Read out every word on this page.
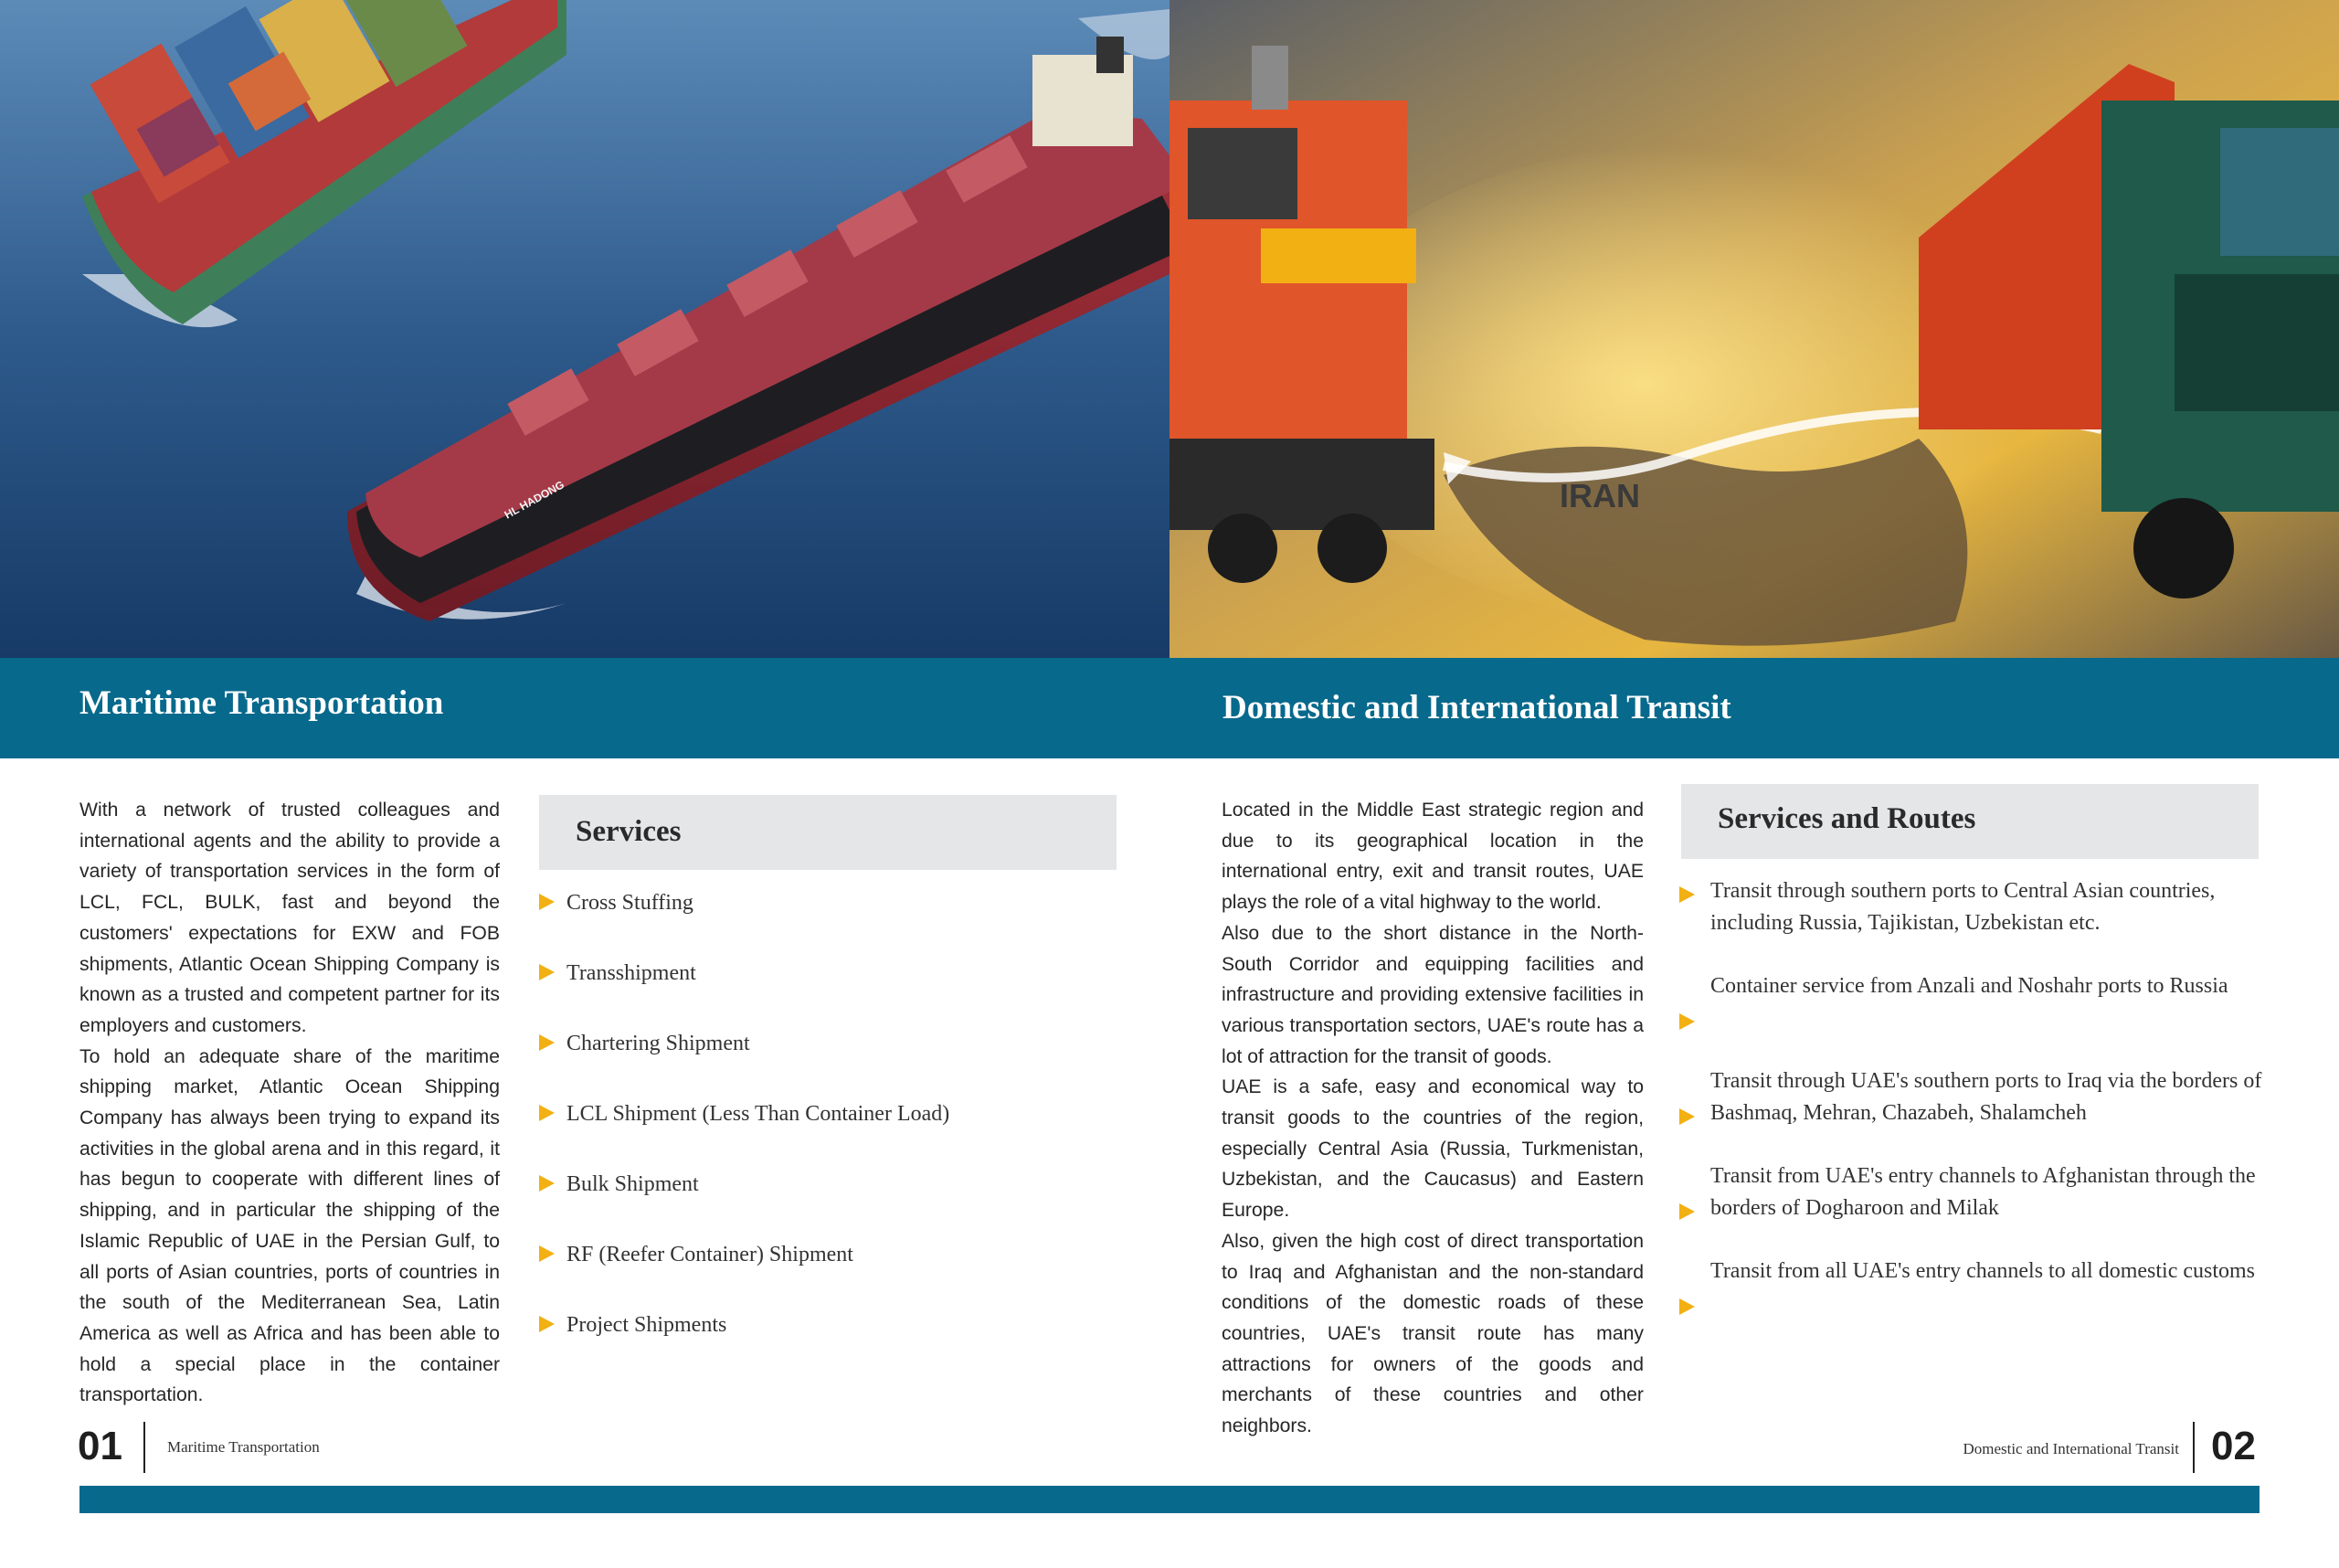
HL HADONG	IRAN
Maritime Transportation	Domestic and International Transit

With a network of trusted colleagues and international agents and the ability to provide a variety of transportation services in the form of LCL, FCL, BULK, fast and beyond the customers' expectations for EXW and FOB shipments, Atlantic Ocean Shipping Company is known as a trusted and competent partner for its employers and customers.

To hold an adequate share of the maritime shipping market, Atlantic Ocean Shipping Company has always been trying to expand its activities in the global arena and in this regard, it has begun to cooperate with different lines of shipping, and in particular the shipping of the Islamic Republic of UAE in the Persian Gulf, to all ports of Asian countries, ports of countries in the south of the Mediterranean Sea, Latin America as well as Africa and has been able to hold a special place in the container transportation.

Services
Cross Stuffing
Transshipment
Chartering Shipment
LCL Shipment (Less Than Container Load)
Bulk Shipment
RF (Reefer Container) Shipment
Project Shipments

Located in the Middle East strategic region and due to its geographical location in the international entry, exit and transit routes, UAE plays the role of a vital highway to the world.

Also due to the short distance in the North- South Corridor and equipping facilities and infrastructure and providing extensive facilities in various transportation sectors, UAE's route has a lot of attraction for the transit of goods.

UAE is a safe, easy and economical way to transit goods to the countries of the region, especially Central Asia (Russia, Turkmenistan, Uzbekistan, and the Caucasus) and Eastern Europe.

Also, given the high cost of direct transportation to Iraq and Afghanistan and the non-standard conditions of the domestic roads of these countries, UAE's transit route has many attractions for owners of the goods and merchants of these countries and other neighbors.

Services and Routes
Transit through southern ports to Central Asian countries, including Russia, Tajikistan, Uzbekistan etc.
Container service from Anzali and Noshahr ports to Russia
Transit through UAE's southern ports to Iraq via the borders of Bashmaq, Mehran, Chazabeh, Shalamcheh
Transit from UAE's entry channels to Afghanistan through the borders of Dogharoon and Milak
Transit from all UAE's entry channels to all domestic customs
01	Maritime Transportation	Domestic and International Transit 02
